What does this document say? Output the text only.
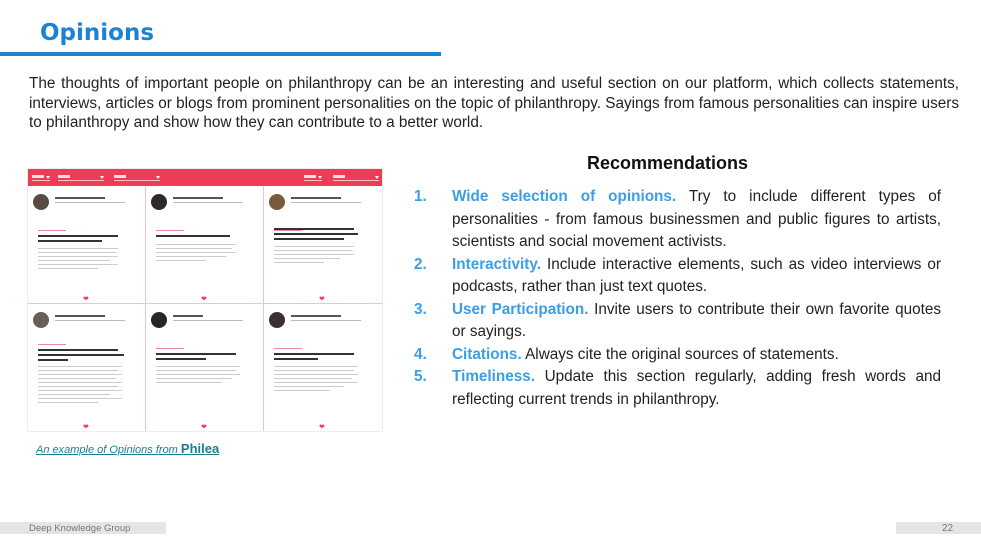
Opinions

The thoughts of important people on philanthropy can be an interesting and useful section on our platform, which collects statements, interviews, articles or blogs from prominent personalities on the topic of philanthropy. Sayings from famous personalities can inspire users to philanthropy and show how they can contribute to a better world.

❤	❤	❤
❤	❤	❤
An example of Opinions from Philea
Recommendations
1. Wide selection of opinions. Try to include different types of personalities - from famous businessmen and public figures to artists, scientists and social movement activists.
2. Interactivity. Include interactive elements, such as video interviews or podcasts, rather than just text quotes.
3. User Participation. Invite users to contribute their own favorite quotes or sayings.
4. Citations. Always cite the original sources of statements.
5. Timeliness. Update this section regularly, adding fresh words and reflecting current trends in philanthropy.
Deep Knowledge Group	22
